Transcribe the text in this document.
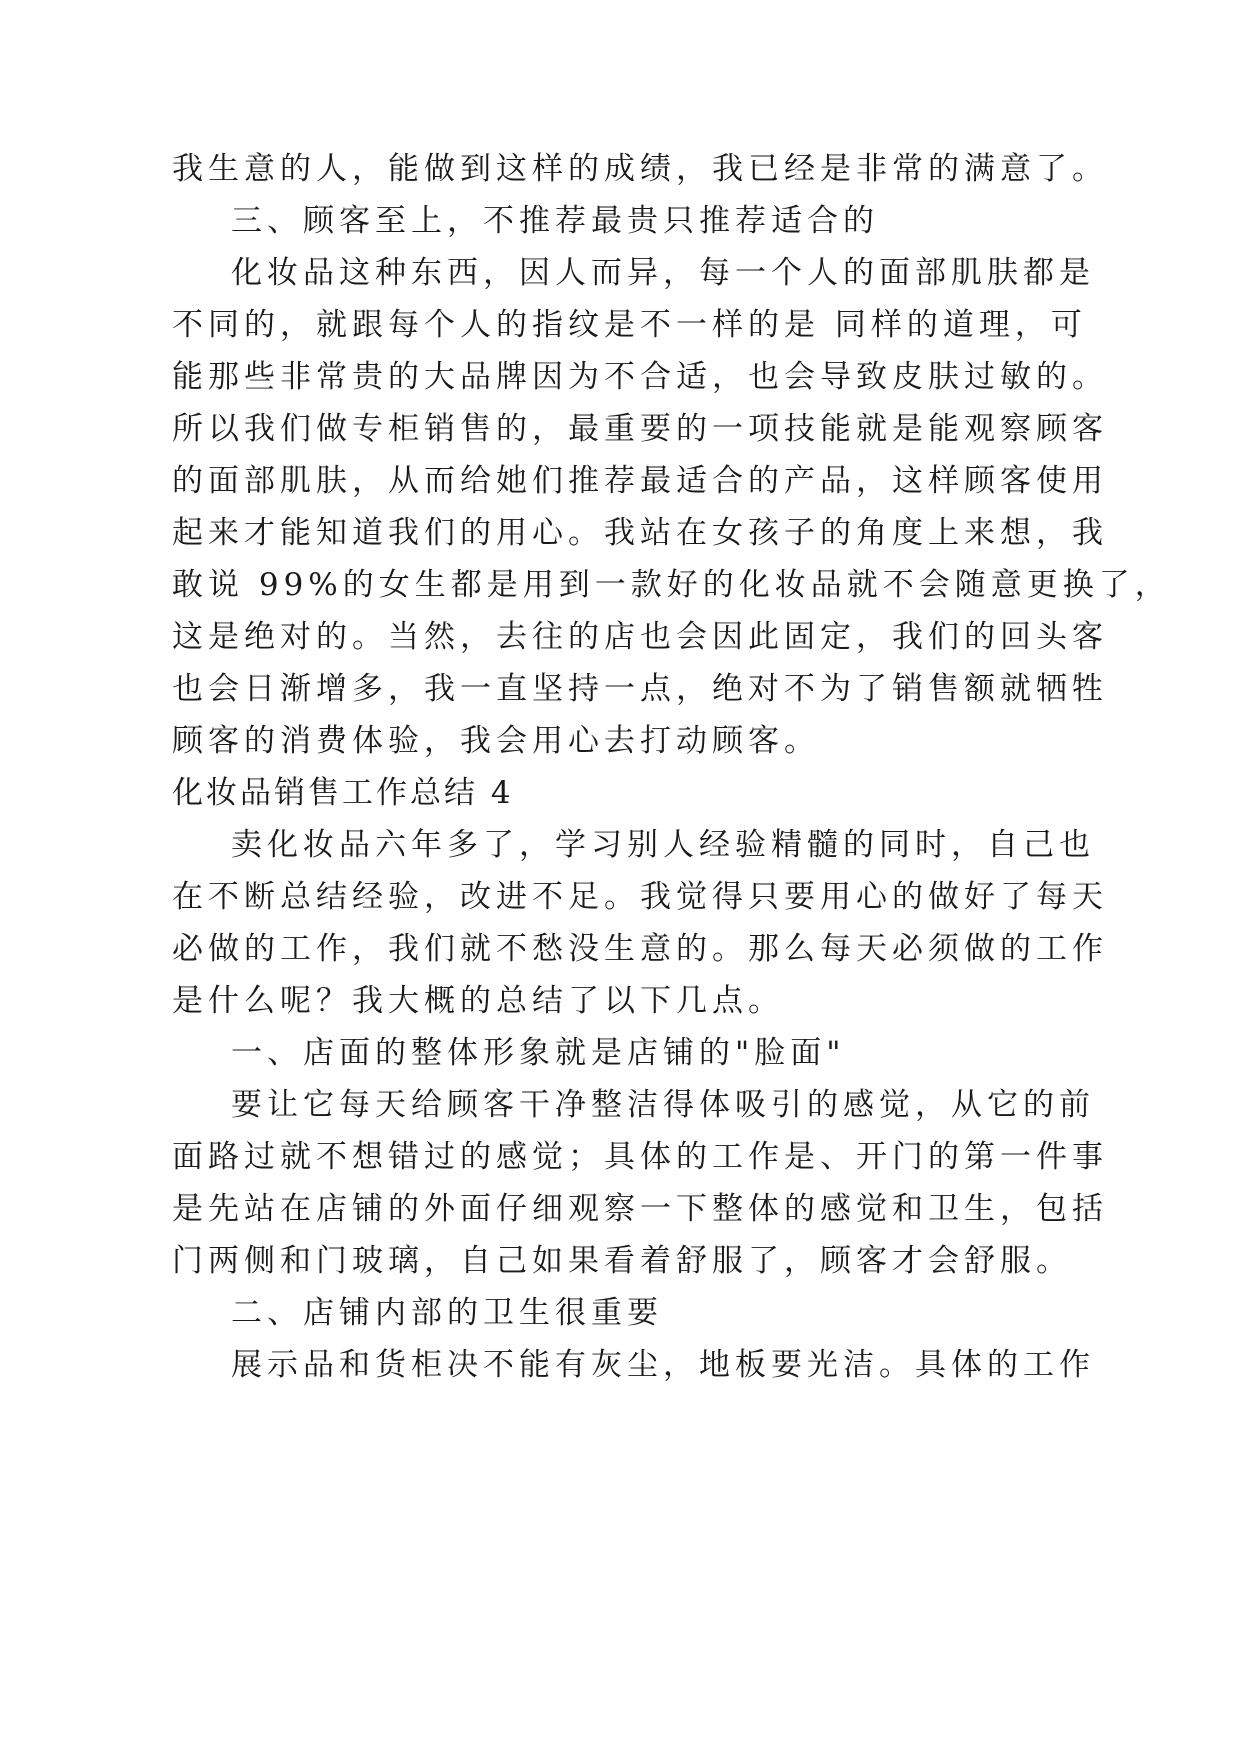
我生意的人，能做到这样的成绩，我已经是非常的满意了。
三、顾客至上，不推荐最贵只推荐适合的
化妆品这种东西，因人而异，每一个人的面部肌肤都是
不同的，就跟每个人的指纹是不一样的是 同样的道理，可
能那些非常贵的大品牌因为不合适，也会导致皮肤过敏的。
所以我们做专柜销售的，最重要的一项技能就是能观察顾客
的面部肌肤，从而给她们推荐最适合的产品，这样顾客使用
起来才能知道我们的用心。我站在女孩子的角度上来想，我
敢说 99%的女生都是用到一款好的化妆品就不会随意更换了，
这是绝对的。当然，去往的店也会因此固定，我们的回头客
也会日渐增多，我一直坚持一点，绝对不为了销售额就牺牲
顾客的消费体验，我会用心去打动顾客。
化妆品销售工作总结 4
卖化妆品六年多了，学习别人经验精髓的同时，自己也
在不断总结经验，改进不足。我觉得只要用心的做好了每天
必做的工作，我们就不愁没生意的。那么每天必须做的工作
是什么呢？我大概的总结了以下几点。
一、店面的整体形象就是店铺的"脸面"
要让它每天给顾客干净整洁得体吸引的感觉，从它的前
面路过就不想错过的感觉；具体的工作是、开门的第一件事
是先站在店铺的外面仔细观察一下整体的感觉和卫生，包括
门两侧和门玻璃，自己如果看着舒服了，顾客才会舒服。
二、店铺内部的卫生很重要
展示品和货柜决不能有灰尘，地板要光洁。具体的工作
